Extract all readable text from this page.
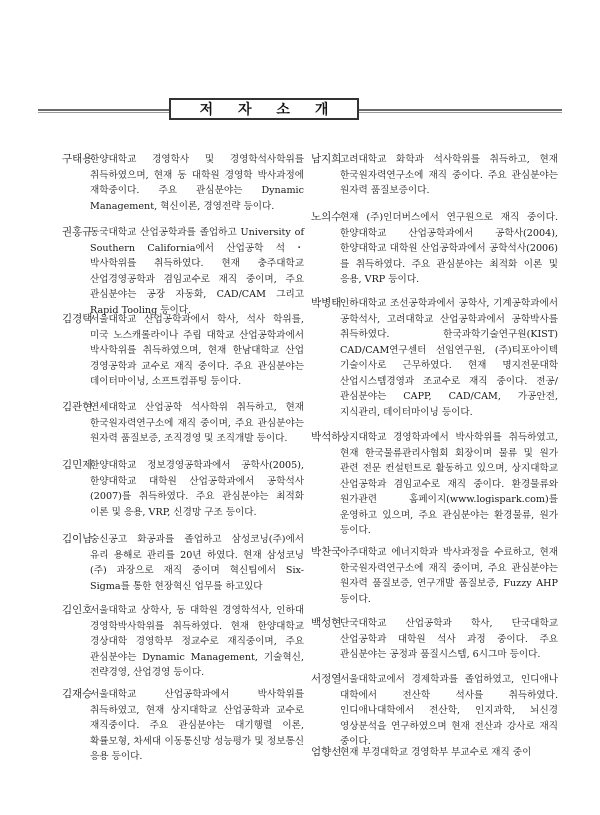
저 자 소 개
구태용
한양대학교 경영학사 및 경영학석사학위를 취득하였으며, 현재 동 대학원 경영학 박사과정에 재학중이다. 주요 관심분야는 Dynamic Management, 혁신이론, 경영전략 등이다.
권홍규
동국대학교 산업공학과를 졸업하고 University of Southern California에서 산업공학 석・박사학위를 취득하였다. 현재 충주대학교 산업경영공학과 겸임교수로 재직 중이며, 주요 관심분야는 공장 자동화, CAD/CAM 그리고 Rapid Tooling 등이다.
김경택
서울대학교 산업공학과에서 학사, 석사 학위를, 미국 노스캐롤라이나 주립 대학교 산업공학과에서 박사학위를 취득하였으며, 현재 한남대학교 산업 경영공학과 교수로 재직 중이다. 주요 관심분야는 데이터마이닝, 소프트컴퓨팅 등이다.
김관현
연세대학교 산업공학 석사학위 취득하고, 현재 한국원자력연구소에 재직 중이며, 주요 관심분야는 원자력 품질보증, 조직경영 및 조직개발 등이다.
김민제
한양대학교 정보경영공학과에서 공학사(2005), 한양대학교 대학원 산업공학과에서 공학석사(2007)를 취득하였다. 주요 관심분야는 최적화 이론 및 응용, VRP, 신경망 구조 등이다.
김이남
숭신공고 화공과를 졸업하고 삼성코닝(주)에서 유리 용해로 관리를 20년 하였다. 현재 삼성코닝(주) 과장으로 재직 중이며 혁신팀에서 Six-Sigma를 통한 현장혁신 업무를 하고있다
김인호
서울대학교 상학사, 동 대학원 경영학석사, 인하대 경영학박사학위를 취득하였다. 현재 한양대학교 경상대학 경영학부 정교수로 재직중이며, 주요 관심분야는 Dynamic Management, 기술혁신, 전략경영, 산업경영 등이다.
김재승
서울대학교 산업공학과에서 박사학위를 취득하였고, 현재 상지대학교 산업공학과 교수로 재직중이다. 주요 관심분야는 대기행렬 이론, 확률모형, 차세대 이동통신망 성능평가 및 정보통신 응용 등이다.
남지희
고려대학교 화학과 석사학위를 취득하고, 현재 한국원자력연구소에 재직 중이다. 주요 관심분야는 원자력 품질보증이다.
노의수
현재 (주)인더버스에서 연구원으로 재직 중이다. 한양대학교 산업공학과에서 공학사(2004), 한양대학교 대학원 산업공학과에서 공학석사(2006)를 취득하였다. 주요 관심분야는 최적화 이론 및 응용, VRP 등이다.
박병태
인하대학교 조선공학과에서 공학사, 기계공학과에서 공학석사, 고려대학교 산업공학과에서 공학박사를 취득하였다. 한국과학기술연구원(KIST) CAD/CAM연구센터 선임연구원, (주)티포아이텍 기술이사로 근무하였다. 현재 명지전문대학 산업시스템경영과 조교수로 재직 중이다. 전공/관심분야는 CAPP, CAD/CAM, 가공안전, 지식관리, 데이터마이닝 등이다.
박석하
상지대학교 경영학과에서 박사학위를 취득하였고, 현재 한국물류관리사협회 회장이며 물류 및 원가 관련 전문 컨설턴트로 활동하고 있으며, 상지대학교 산업공학과 겸임교수로 재직 중이다. 환경물류와 원가관련 홈페이지(www.logispark.com)를 운영하고 있으며, 주요 관심분야는 환경물류, 원가 등이다.
박찬국
아주대학교 에너지학과 박사과정을 수료하고, 현재 한국원자력연구소에 재직 중이며, 주요 관심분야는 원자력 품질보증, 연구개발 품질보증, Fuzzy AHP 등이다.
백성현
단국대학교 산업공학과 학사, 단국대학교 산업공학과 대학원 석사 과정 중이다. 주요 관심분야는 공정과 품질시스템, 6시그마 등이다.
서정열
서울대학교에서 경제학과를 졸업하였고, 인디애나 대학에서 전산학 석사를 취득하였다. 인디애나대학에서 전산학, 인지과학, 뇌신경 영상분석을 연구하였으며 현재 전산과 강사로 재직 중이다.
엄향선
현재 부경대학교 경영학부 부교수로 재직 중이
